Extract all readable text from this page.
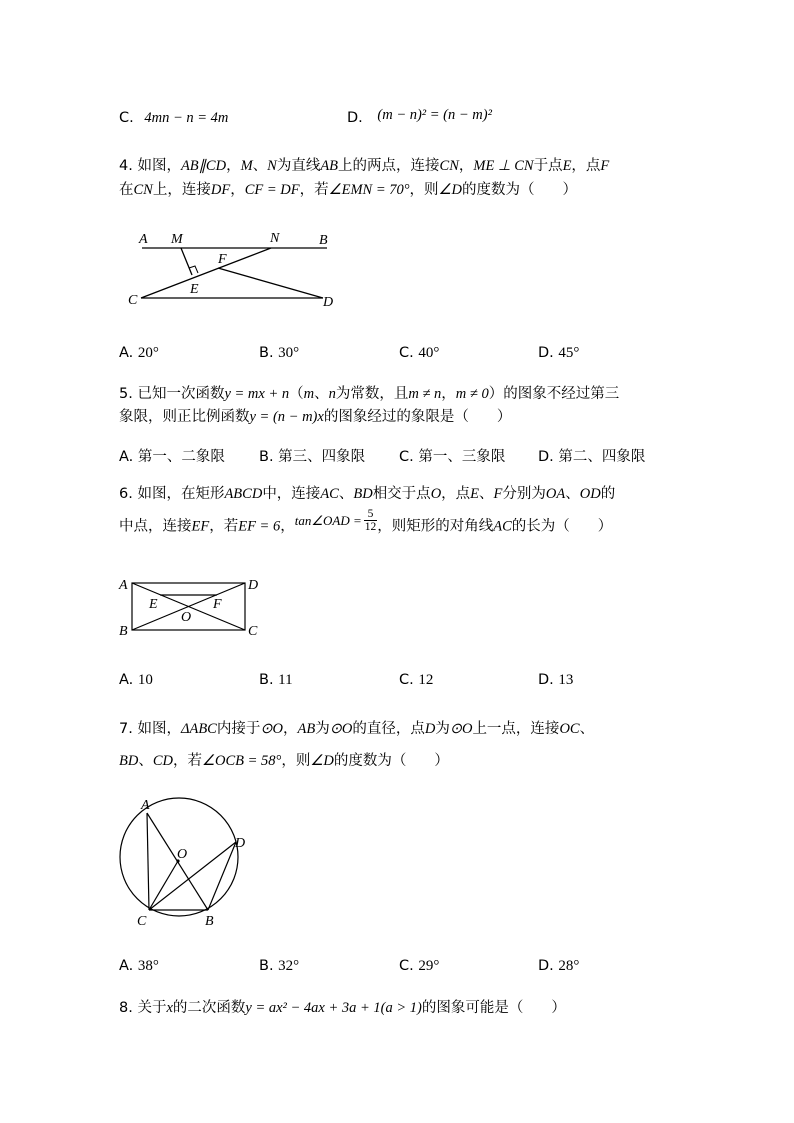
C. 4mn − n = 4m	D. (m − n)² = (n − m)²
4. 如图，AB∥CD，M、N为直线AB上的两点，连接CN，ME ⊥ CN于点E，点F
在CN上，连接DF，CF = DF，若∠EMN = 70°，则∠D的度数为（ ）
A M	N	B
F
E
C	D
A. 20°	B. 30°	C. 40°	D. 45°
5. 已知一次函数y = mx + n（m、n为常数，且m ≠ n，m ≠ 0）的图象不经过第三
象限，则正比例函数y = (n − m)x的图象经过的象限是（ ）
A. 第一、二象限 B. 第三、四象限 C. 第一、三象限 D. 第二、四象限
6. 如图，在矩形ABCD中，连接AC、BD相交于点O，点E、F分别为OA、OD的
中点，连接EF，若EF = 6，tan∠OAD = $\frac{5}{12}$ ，则矩形的对角线AC的长为（ ）
A	D
E	F
O
B	C
A. 10	B. 11	C. 12	D. 13
7. 如图，ΔABC内接于⊙O，AB为⊙O的直径，点D为⊙O上一点，连接OC、
BD、CD，若∠OCB = 58°，则∠D的度数为（ ）
A
O
D
C	B
A. 38°	B. 32°	C. 29°	D. 28°
8. 关于x的二次函数y = ax² − 4ax + 3a + 1(a > 1)的图象可能是（ ）
